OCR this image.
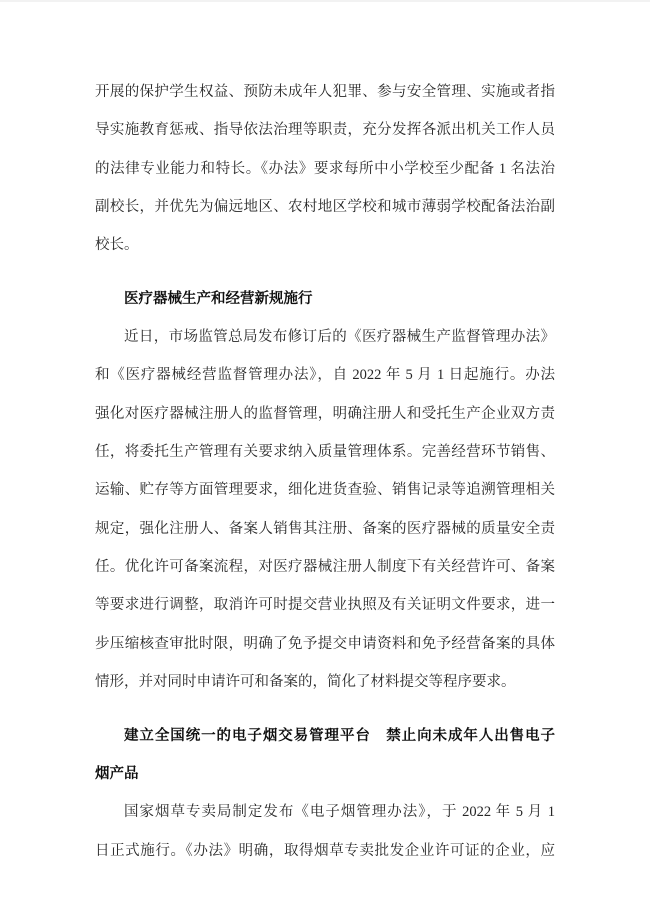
开展的保护学生权益、预防未成年人犯罪、参与安全管理、实施或者指
导实施教育惩戒、指导依法治理等职责，充分发挥各派出机关工作人员
的法律专业能力和特长。《办法》要求每所中小学校至少配备 1 名法治
副校长，并优先为偏远地区、农村地区学校和城市薄弱学校配备法治副
校长。
医疗器械生产和经营新规施行
近日，市场监管总局发布修订后的《医疗器械生产监督管理办法》
和《医疗器械经营监督管理办法》，自 2022 年 5 月 1 日起施行。办法
强化对医疗器械注册人的监督管理，明确注册人和受托生产企业双方责
任，将委托生产管理有关要求纳入质量管理体系。完善经营环节销售、
运输、贮存等方面管理要求，细化进货查验、销售记录等追溯管理相关
规定，强化注册人、备案人销售其注册、备案的医疗器械的质量安全责
任。优化许可备案流程，对医疗器械注册人制度下有关经营许可、备案
等要求进行调整，取消许可时提交营业执照及有关证明文件要求，进一
步压缩核查审批时限，明确了免予提交申请资料和免予经营备案的具体
情形，并对同时申请许可和备案的，简化了材料提交等程序要求。
建立全国统一的电子烟交易管理平台　禁止向未成年人出售电子
烟产品
国家烟草专卖局制定发布《电子烟管理办法》，于 2022 年 5 月 1
日正式施行。《办法》明确，取得烟草专卖批发企业许可证的企业，应
